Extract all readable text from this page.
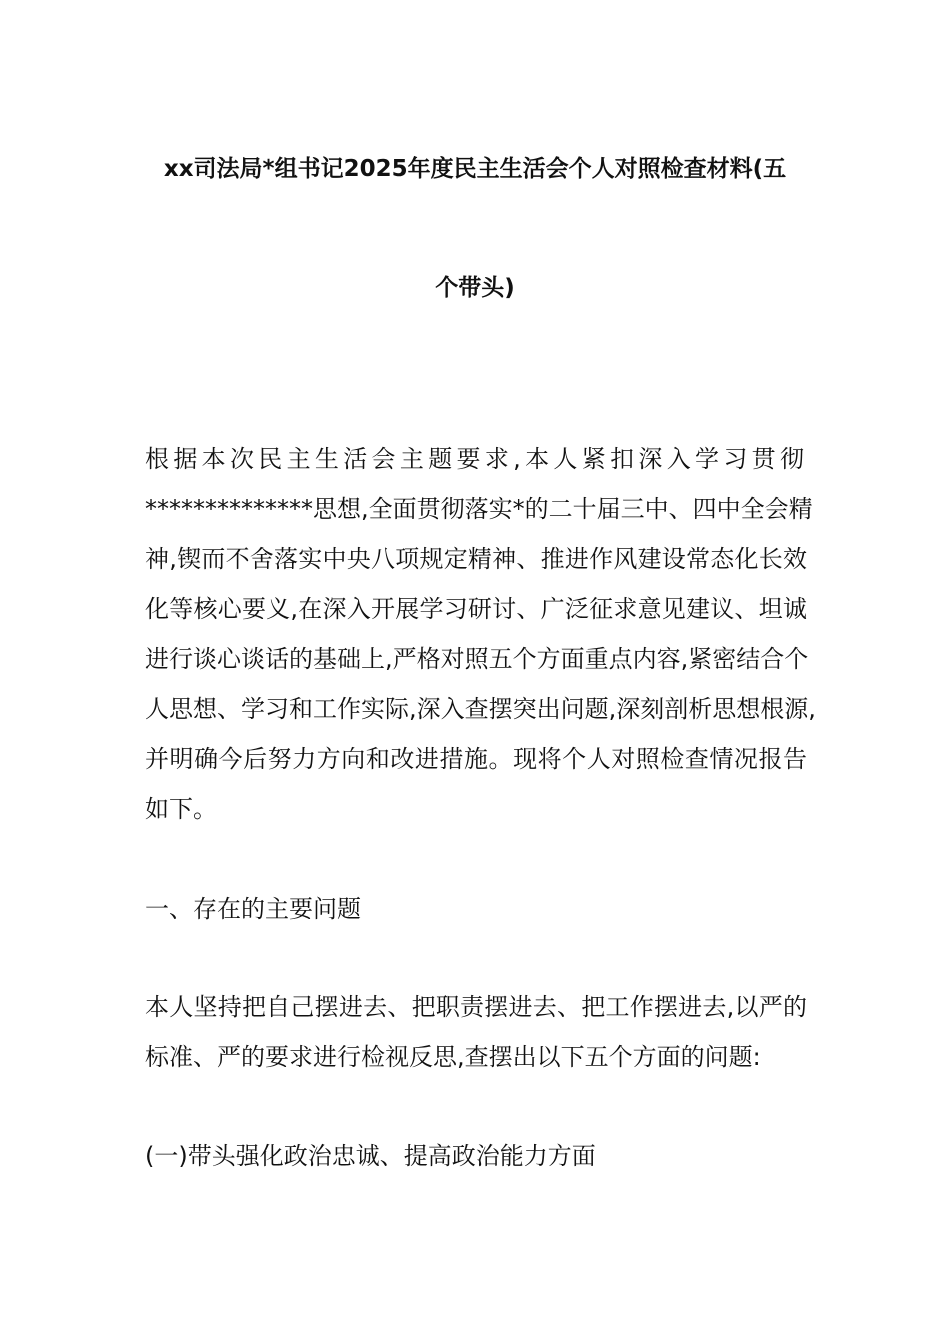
xx司法局*组书记2025年度民主生活会个人对照检查材料(五
个带头)
根据本次民主生活会主题要求,本人紧扣深入学习贯彻
**************思想,全面贯彻落实*的二十届三中、四中全会精
神,锲而不舍落实中央八项规定精神、推进作风建设常态化长效
化等核心要义,在深入开展学习研讨、广泛征求意见建议、坦诚
进行谈心谈话的基础上,严格对照五个方面重点内容,紧密结合个
人思想、学习和工作实际,深入查摆突出问题,深刻剖析思想根源,
并明确今后努力方向和改进措施。现将个人对照检查情况报告
如下。
一、存在的主要问题
本人坚持把自己摆进去、把职责摆进去、把工作摆进去,以严的
标准、严的要求进行检视反思,查摆出以下五个方面的问题:
(一)带头强化政治忠诚、提高政治能力方面
